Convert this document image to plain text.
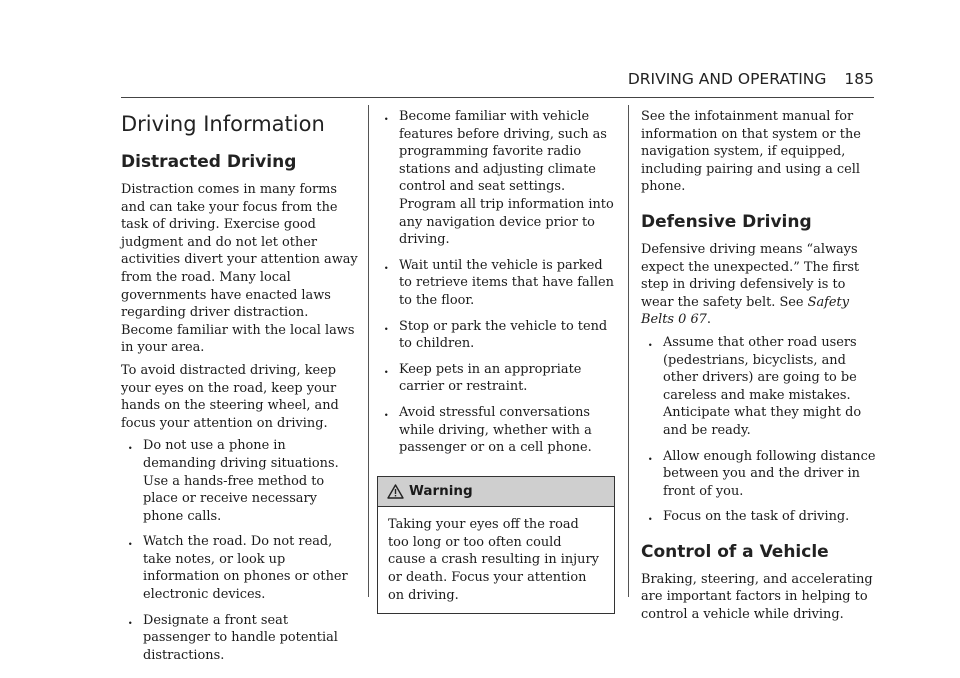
DRIVING AND OPERATING 185
Driving Information
Distracted Driving

Distraction comes in many forms and can take your focus from the task of driving. Exercise good judgment and do not let other activities divert your attention away from the road. Many local governments have enacted laws regarding driver distraction. Become familiar with the local laws in your area.

To avoid distracted driving, keep your eyes on the road, keep your hands on the steering wheel, and focus your attention on driving.

. Do not use a phone in demanding driving situations. Use a hands-free method to place or receive necessary phone calls.
. Watch the road. Do not read, take notes, or look up information on phones or other electronic devices.
. Designate a front seat passenger to handle potential distractions.
. Become familiar with vehicle features before driving, such as programming favorite radio stations and adjusting climate control and seat settings. Program all trip information into any navigation device prior to driving.
. Wait until the vehicle is parked to retrieve items that have fallen to the floor.
. Stop or park the vehicle to tend to children.
. Keep pets in an appropriate carrier or restraint.
. Avoid stressful conversations while driving, whether with a passenger or on a cell phone.
Warning
Taking your eyes off the road too long or too often could cause a crash resulting in injury or death. Focus your attention on driving.

See the infotainment manual for information on that system or the navigation system, if equipped, including pairing and using a cell phone.

Defensive Driving

Defensive driving means “always expect the unexpected.” The first step in driving defensively is to wear the safety belt. See Safety Belts 0 67.

. Assume that other road users (pedestrians, bicyclists, and other drivers) are going to be careless and make mistakes. Anticipate what they might do and be ready.
. Allow enough following distance between you and the driver in front of you.
. Focus on the task of driving.
Control of a Vehicle

Braking, steering, and accelerating are important factors in helping to control a vehicle while driving.
